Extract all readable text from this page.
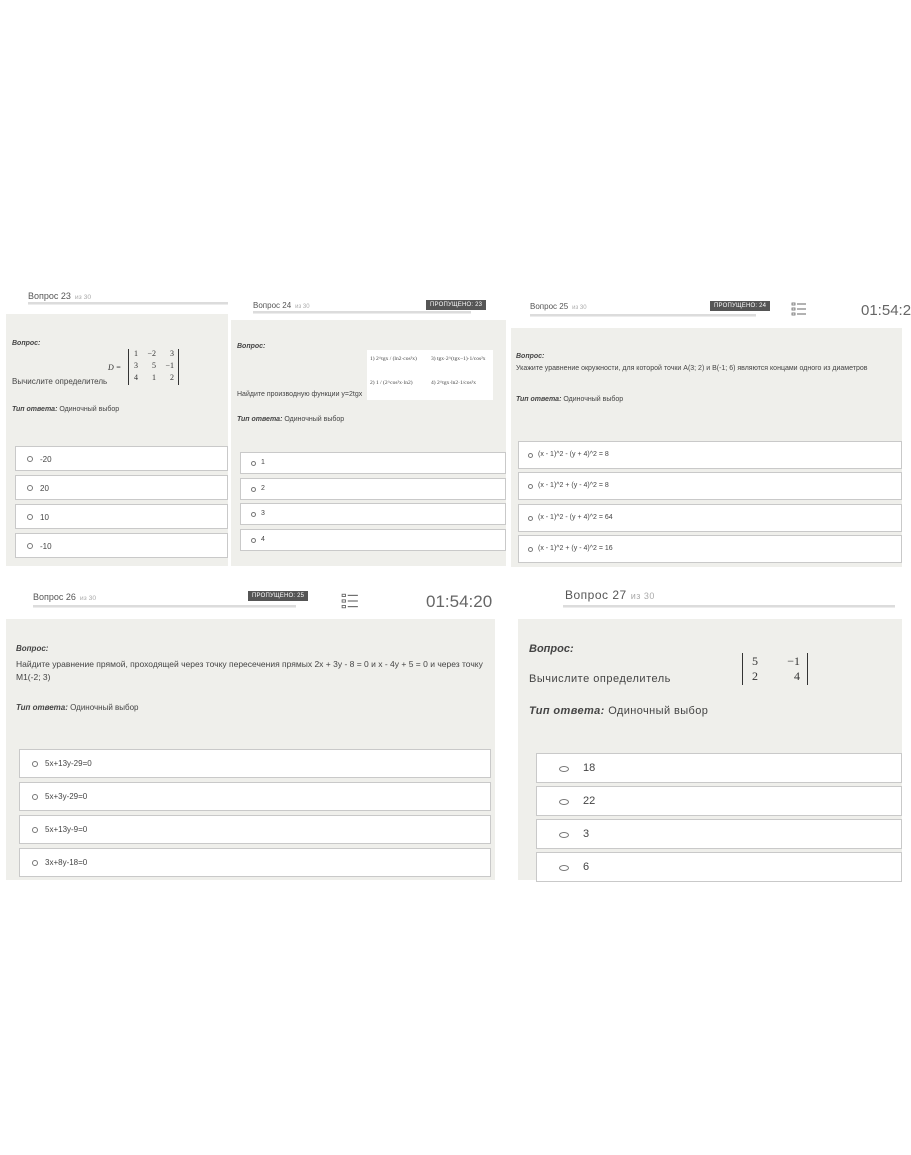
Вопрос 23 из 30
Вопрос:
D =
1	−2	3
3	5	−1
4	1	2
Вычислите определитель
Тип ответа: Одиночный выбор
-20
20
10
-10
Вопрос 24 из 30	ПРОПУЩЕНО: 23
Вопрос:
1) 2^tgx / (ln2·cos²x)	3) tgx·2^(tgx−1)·1/cos²x
2) 1 / (2^cos²x·ln2)	4) 2^tgx·ln2·1/cos²x
Найдите производную функции y=2tgx
Тип ответа: Одиночный выбор
1
2
3
4
Вопрос 25 из 30	ПРОПУЩЕНО: 24	01:54:2
Вопрос:
Укажите уравнение окружности, для которой точки A(3; 2) и B(-1; 6) являются концами одного из диаметров
Тип ответа: Одиночный выбор
(x - 1)^2 - (y + 4)^2 = 8
(x - 1)^2 + (y - 4)^2 = 8
(x - 1)^2 - (y + 4)^2 = 64
(x - 1)^2 + (y - 4)^2 = 16
Вопрос 26 из 30	ПРОПУЩЕНО: 25	01:54:20
Вопрос:
Найдите уравнение прямой, проходящей через точку пересечения прямых 2x + 3y - 8 = 0 и x - 4y + 5 = 0 и через точку M1(-2; 3)
Тип ответа: Одиночный выбор
5x+13y-29=0
5x+3y-29=0
5x+13y-9=0
3x+8y-18=0
Вопрос 27 из 30
Вопрос:
5	−1
2	4
Вычислите определитель
Тип ответа: Одиночный выбор
18
22
3
6
